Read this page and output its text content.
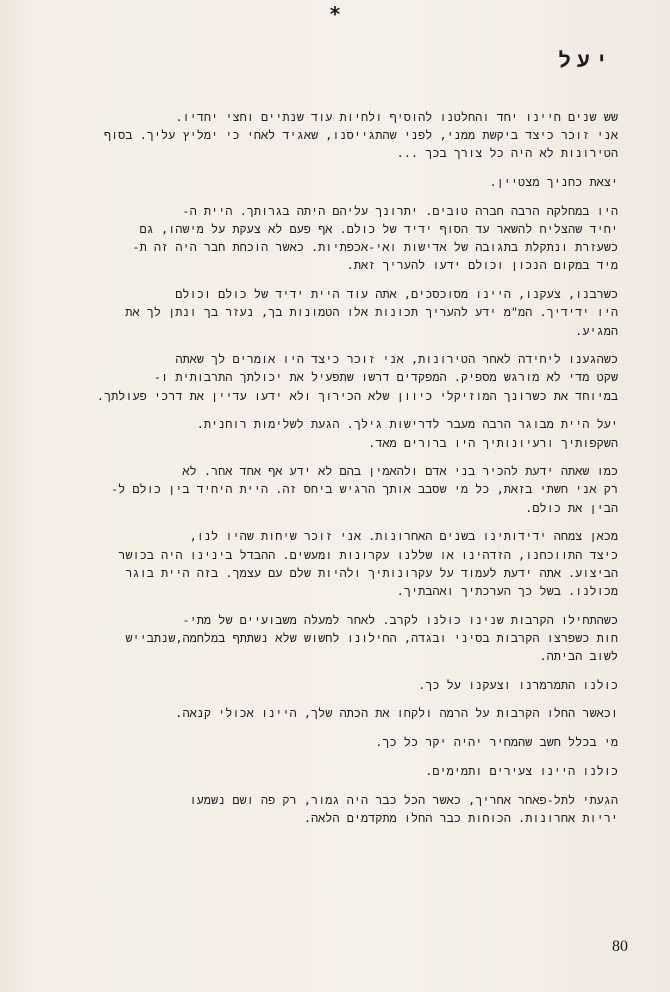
*
יעל
שש שנים חיינו יחד והחלטנו להוסיף ולחיות עוד שנתיים וחצי יחדיו.
אני זוכר כיצד ביקשת ממני, לפני שהתגייסנו, שאגיד לאחי כי ימליץ עליך. בסוף
הטירונות לא היה כל צורך בכך ...
יצאת כחניך מצטיין.
היו במחלקה הרבה חברה טובים. יתרונך עליהם היתה בגרותך. היית ה-
יחיד שהצליח להשאר עד הסוף ידיד של כולם. אף פעם לא צעקת על מישהו, גם
כשעזרת ונתקלת בתגובה של אדישות ואי-אכפתיות. כאשר הוכחת חבר היה זה ת-
מיד במקום הנכון וכולם ידעו להעריך זאת.
כשרבנו, צעקנו, היינו מסוכסכים, אתה עוד היית ידיד של כולם וכולם
היו ידידיך. המ"מ ידע להעריך תכונות אלו הטמונות בך, נעזר בך ונתן לך את
המגיע.
כשהגענו ליחידה לאחר הטירונות, אני זוכר כיצד היו אומרים לך שאתה
שקט מדי לא מורגש מספיק. המפקדים דרשו שתפעיל את יכולתך התרבותית ו-
במיוחד את כשרונך המוזיקלי כיוון שלא הכירוך ולא ידעו עדיין את דרכי פעולתך.
יעל היית מבוגר הרבה מעבר לדרישות גילך. הגעת לשלימות רוחנית.
השקפותיך ורעיונותיך היו ברורים מאד.
כמו שאתה ידעת להכיר בני אדם ולהאמין בהם לא ידע אף אחד אחר. לא
רק אני חשתי בזאת, כל מי שסבב אותך הרגיש ביחס זה. היית היחיד בין כולם ל-
הבין את כולם.
מכאן צמחה ידידותינו בשנים האחרונות. אני זוכר שיחות שהיו לנו,
כיצד התווכחנו, הזדהינו או שללנו עקרונות ומעשים. ההבדל בינינו היה בכושר
הביצוע. אתה ידעת לעמוד על עקרונותיך ולהיות שלם עם עצמך. בזה היית בוגר
מכולנו. בשל כך הערכתיך ואהבתיך.
כשהתחילו הקרבות שנינו כולנו לקרב. לאחר למעלה משבועיים של מתי-
חות כשפרצו הקרבות בסיני ובגדה, החילונו לחשוש שלא נשתתף במלחמה,שנתבייש
לשוב הביתה.
כולנו התמרמרנו וצעקנו על כך.
וכאשר החלו הקרבות על הרמה ולקחו את הכתה שלך, היינו אכולי קנאה.
מי בכלל חשב שהמחיר יהיה יקר כל כך.
כולנו היינו צעירים ותמימים.
הגעתי לתל-פאחר אחריך, כאשר הכל כבר היה גמור, רק פה ושם נשמעו
יריות אחרונות. הכוחות כבר החלו מתקדמים הלאה.
80
